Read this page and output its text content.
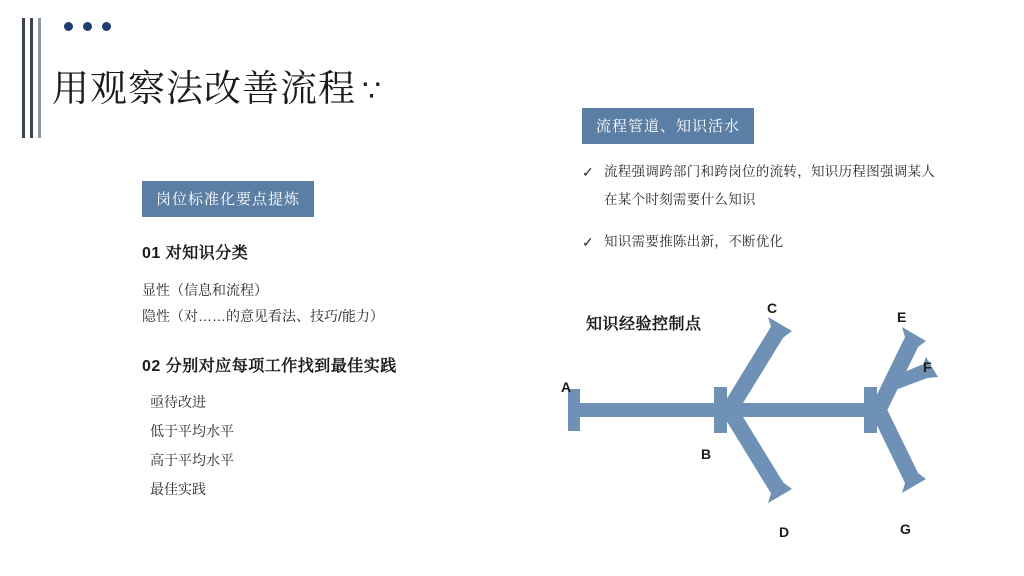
用观察法改善流程 ∵
岗位标准化要点提炼

01 对知识分类

显性（信息和流程）

隐性（对……的意见看法、技巧/能力）

02 分别对应每项工作找到最佳实践

亟待改进
低于平均水平
高于平均水平
最佳实践
流程管道、知识活水
✓ 流程强调跨部门和跨岗位的流转，知识历程图强调某人
在某个时刻需要什么知识
✓ 知识需要推陈出新，不断优化
知识经验控制点
A
B
C
D
E
F
G
